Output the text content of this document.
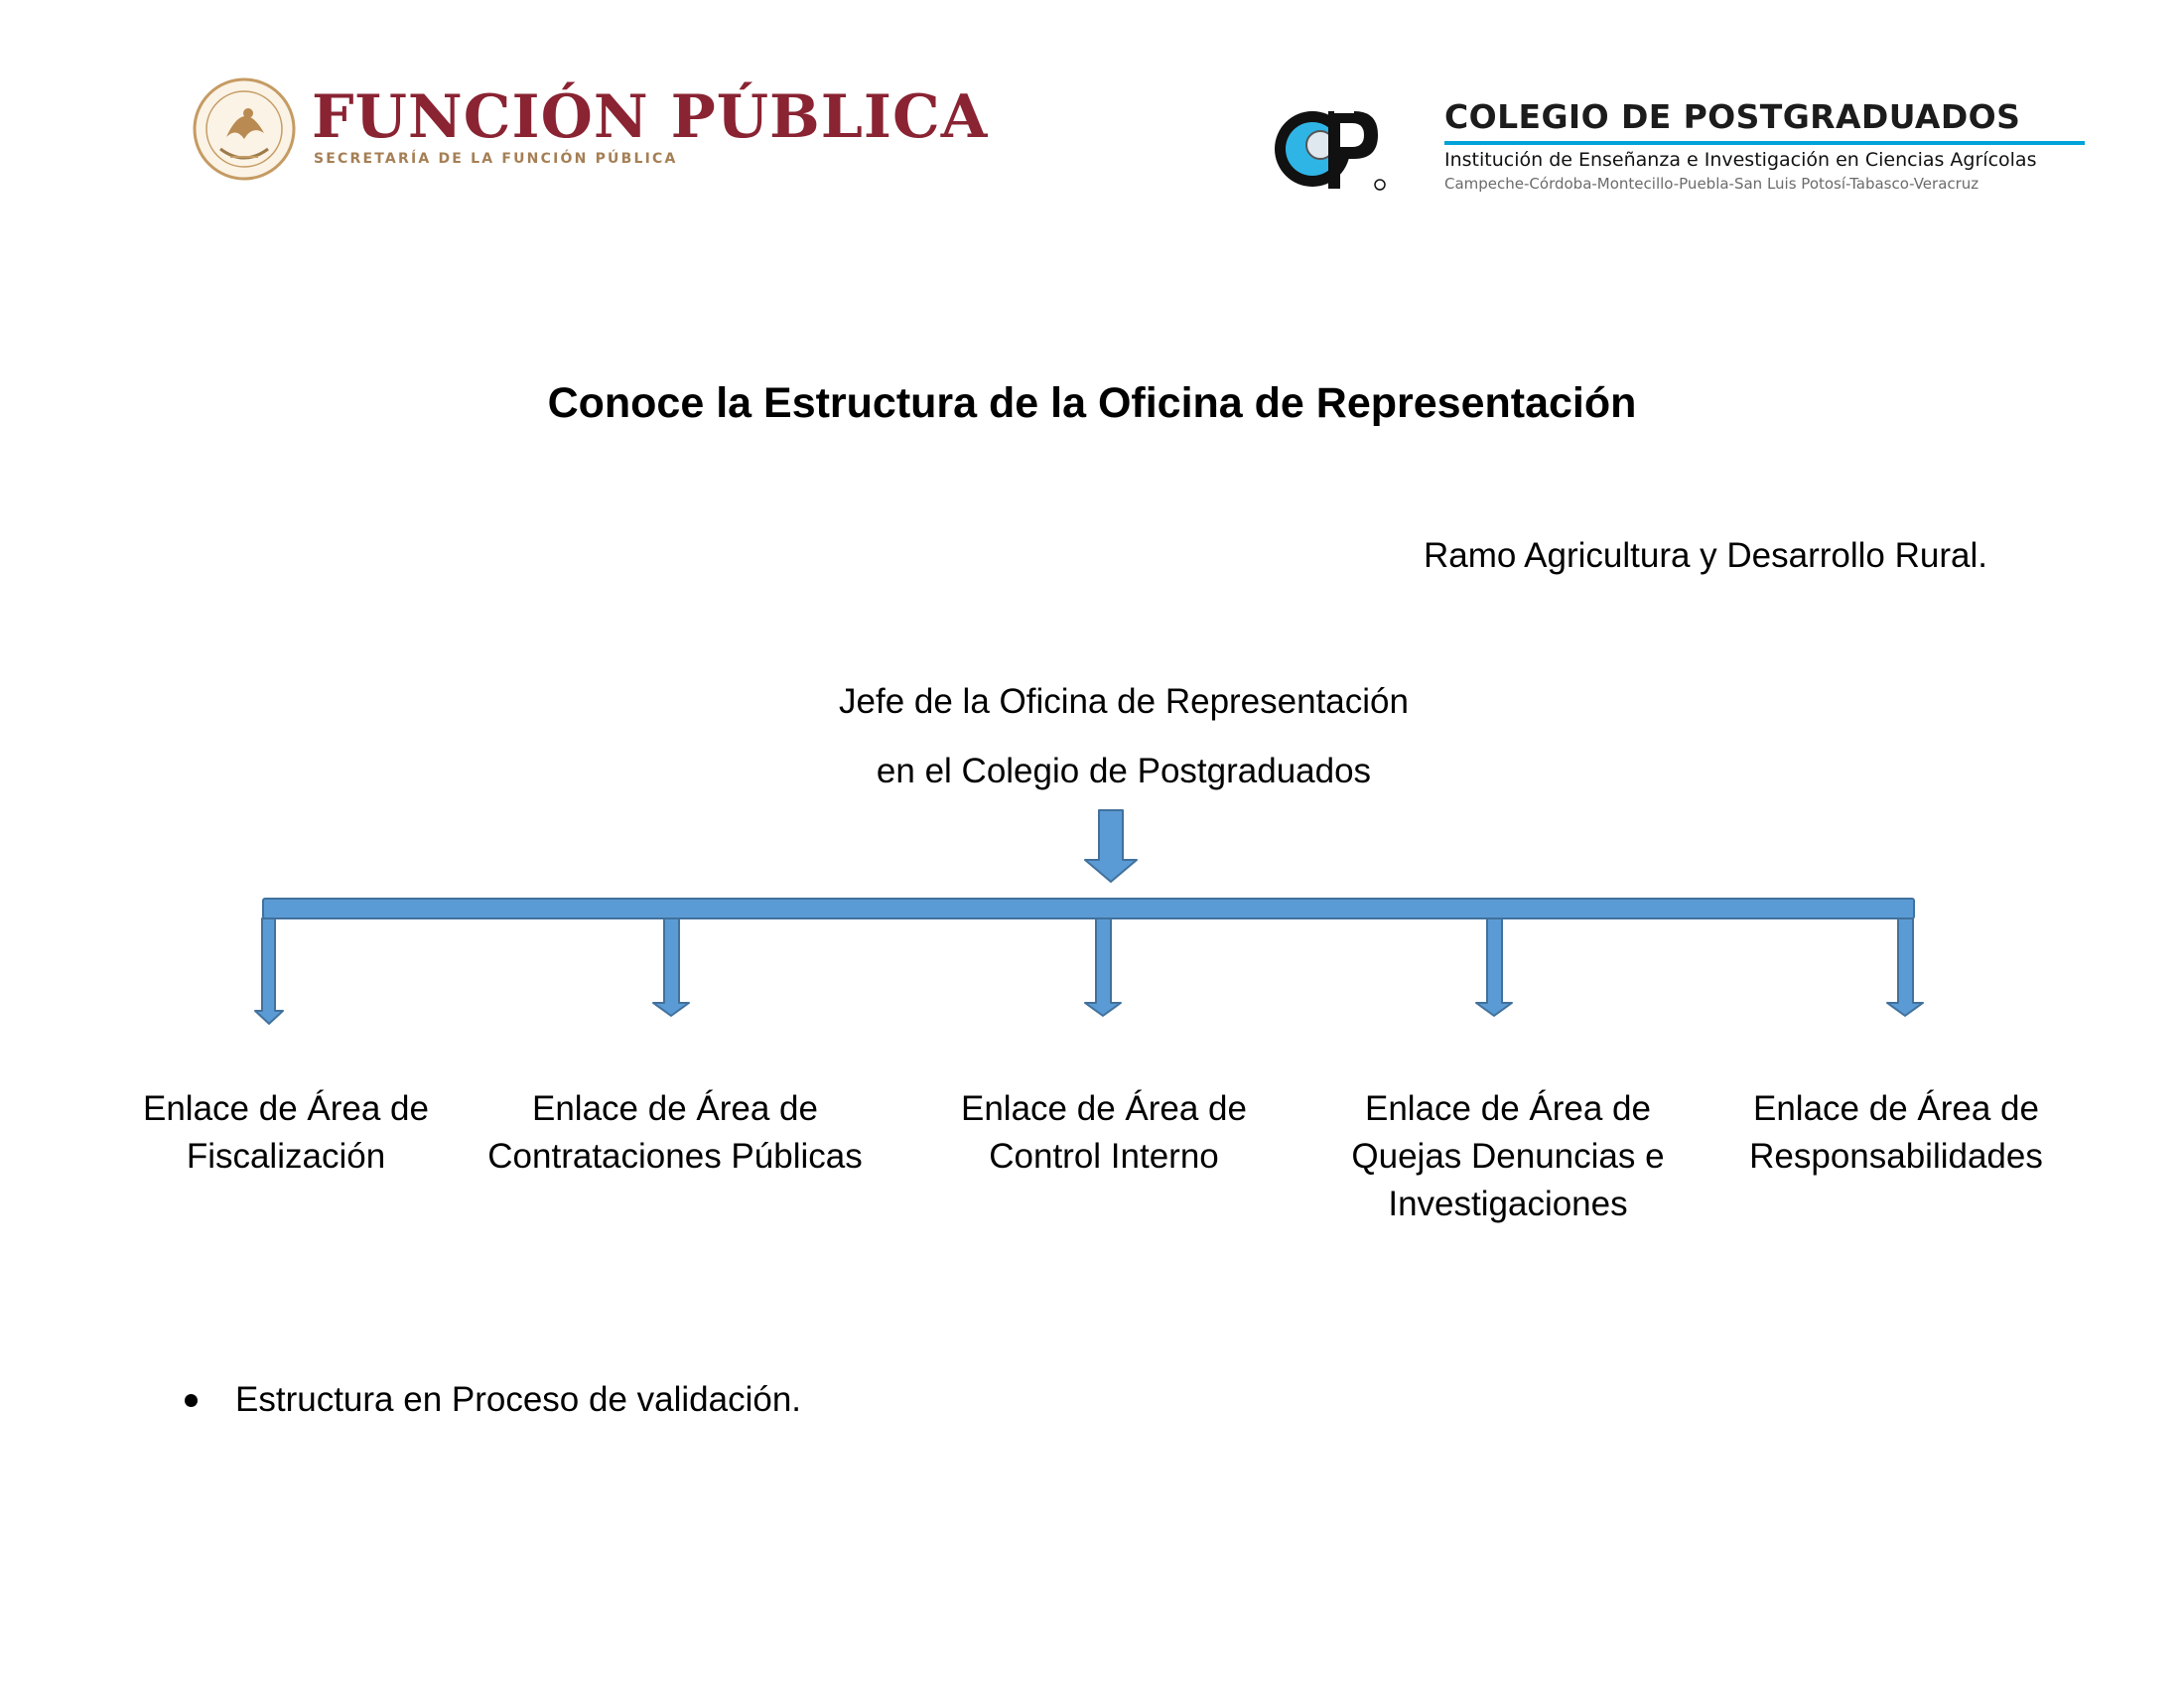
FUNCIÓN PÚBLICA
SECRETARÍA DE LA FUNCIÓN PÚBLICA
COLEGIO DE POSTGRADUADOS
Institución de Enseñanza e Investigación en Ciencias Agrícolas
Campeche-Córdoba-Montecillo-Puebla-San Luis Potosí-Tabasco-Veracruz
Conoce la Estructura de la Oficina de Representación
Ramo Agricultura y Desarrollo Rural.
Jefe de la Oficina de Representación
en el Colegio de Postgraduados
Enlace de Área de
Fiscalización
Enlace de Área de
Contrataciones Públicas
Enlace de Área de
Control Interno
Enlace de Área de
Quejas Denuncias e
Investigaciones
Enlace de Área de
Responsabilidades
Estructura en Proceso de validación.
